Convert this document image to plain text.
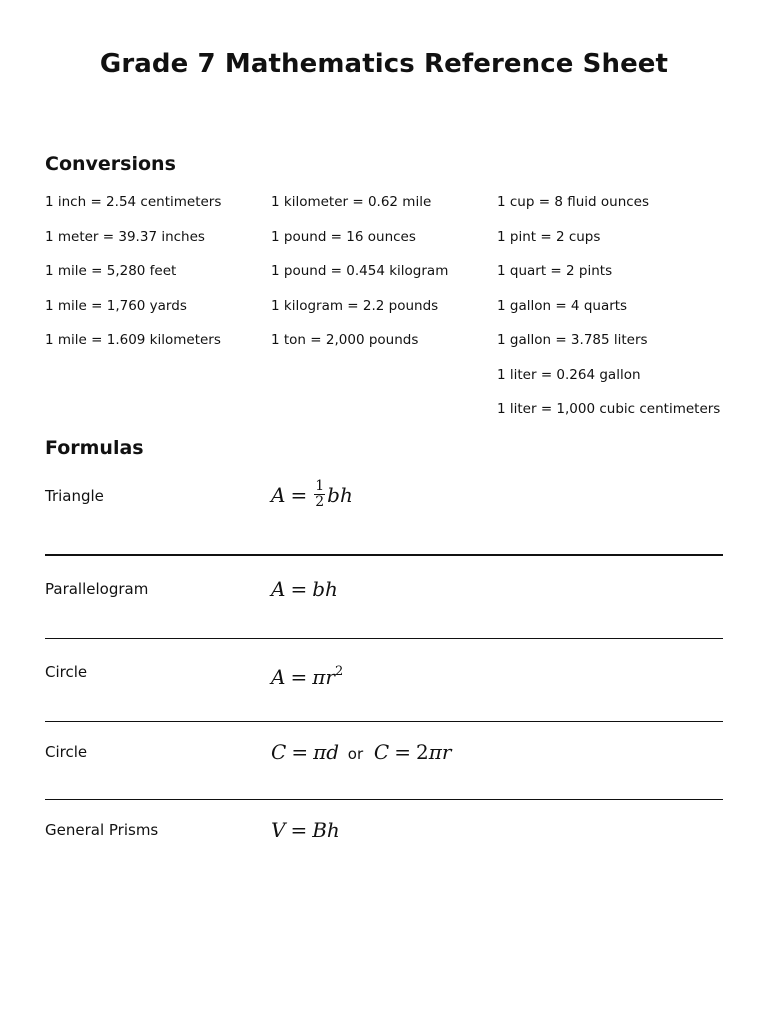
Grade 7 Mathematics Reference Sheet
Conversions
1 inch = 2.54 centimeters
1 meter = 39.37 inches
1 mile = 5,280 feet
1 mile = 1,760 yards
1 mile = 1.609 kilometers
1 kilometer = 0.62 mile
1 pound = 16 ounces
1 pound = 0.454 kilogram
1 kilogram = 2.2 pounds
1 ton = 2,000 pounds
1 cup = 8 fluid ounces
1 pint = 2 cups
1 quart = 2 pints
1 gallon = 4 quarts
1 gallon = 3.785 liters
1 liter = 0.264 gallon
1 liter = 1,000 cubic centimeters
Formulas
Triangle	$A = \frac{1}{2}$ bh
Parallelogram	A = bh
Circle	$A = \pi r^2$
Circle	C = πd or C = 2πr
General Prisms	V = Bh
